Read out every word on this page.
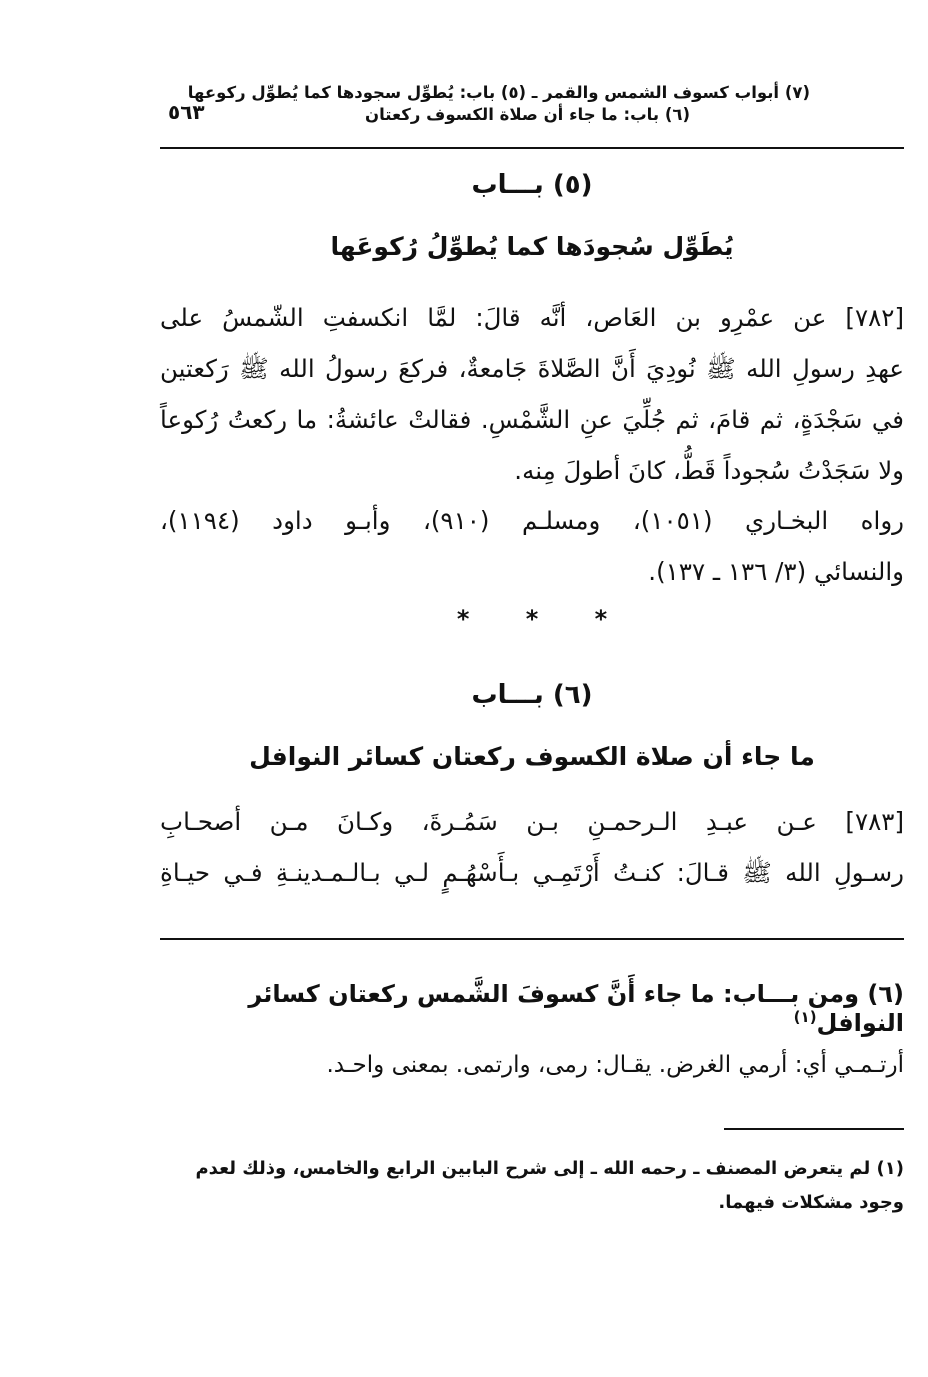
(٧) أبواب كسوف الشمس والقمر ـ (٥) باب: يُطوِّل سجودها كما يُطوِّل ركوعها
(٦) باب: ما جاء أن صلاة الكسوف ركعتان
٥٦٣
(٥) بـــاب
يُطَوِّل سُجودَها كما يُطوِّلُ رُكوعَها
[٧٨٢] عن عمْرِو بن العَاص، أنَّه قالَ: لمَّا انكسفتِ الشّمسُ على
عهدِ رسولِ الله ﷺ نُودِيَ أَنَّ الصَّلاةَ جَامعةٌ، فركعَ رسولُ الله ﷺ رَكعتين
في سَجْدَةٍ، ثم قامَ، ثم جُلِّيَ عنِ الشَّمْسِ. فقالتْ عائشةُ: ما ركعتُ رُكوعاً
ولا سَجَدْتُ سُجوداً قَطُّ، كانَ أطولَ مِنه.
رواه البخـاري (١٠٥١)، ومسلـم (٩١٠)، وأبـو داود (١١٩٤)،
والنسائي (٣/ ١٣٦ ـ ١٣٧).
* * *
(٦) بـــاب
ما جاء أن صلاة الكسوف ركعتان كسائر النوافل
[٧٨٣] عـن عبـدِ الـرحمـنِ بـن سَمُـرةَ، وكـانَ مـن أصحـابِ
رسـولِ الله ﷺ قـالَ: كنـتُ أَرْتَمِـي بـأَسْهُـمٍ لـي بـالـمـدينـةِ فـي حيـاةِ
(٦) ومن بـــاب: ما جاء أَنَّ كسوفَ الشَّمس ركعتان كسائر النوافل$^{(١)}$
أرتـمـي أي: أرمي الغرض. يقـال: رمى، وارتمى. بمعنى واحـد.
(١) لم يتعرض المصنف ـ رحمه الله ـ إلى شرح البابين الرابع والخامس، وذلك لعدم وجود مشكلات فيهما.
